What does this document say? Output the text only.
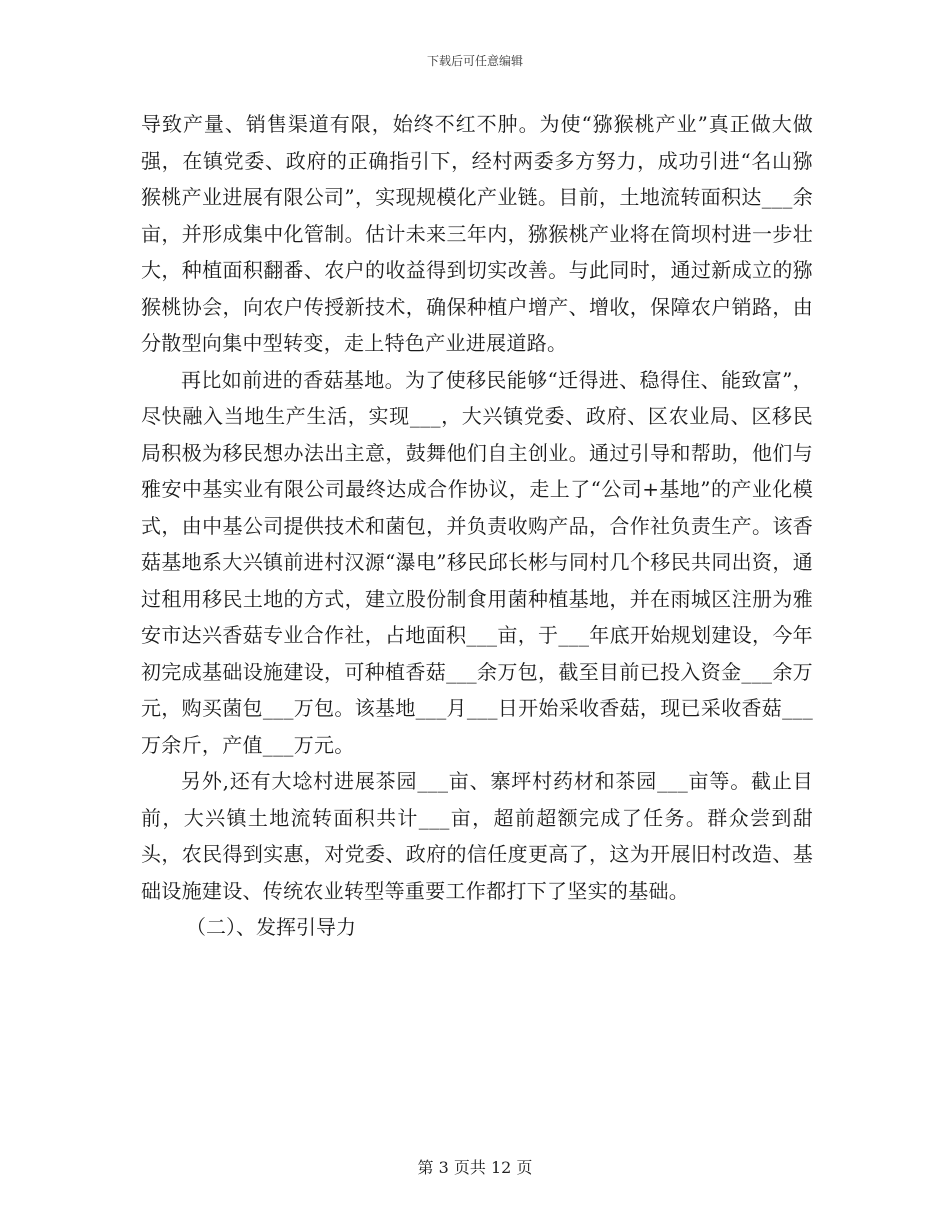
下载后可任意编辑

导致产量、销售渠道有限，始终不红不肿。为使“猕猴桃产业”真正做大做强，在镇党委、政府的正确指引下，经村两委多方努力，成功引进“名山猕猴桃产业进展有限公司”，实现规模化产业链。目前，土地流转面积达___余亩，并形成集中化管制。估计未来三年内，猕猴桃产业将在筒坝村进一步壮大，种植面积翻番、农户的收益得到切实改善。与此同时，通过新成立的猕猴桃协会，向农户传授新技术，确保种植户增产、增收，保障农户销路，由分散型向集中型转变，走上特色产业进展道路。

再比如前进的香菇基地。为了使移民能够“迁得进、稳得住、能致富”，尽快融入当地生产生活，实现___，大兴镇党委、政府、区农业局、区移民局积极为移民想办法出主意，鼓舞他们自主创业。通过引导和帮助，他们与雅安中基实业有限公司最终达成合作协议，走上了“公司+基地”的产业化模式，由中基公司提供技术和菌包，并负责收购产品，合作社负责生产。该香菇基地系大兴镇前进村汉源“瀑电”移民邱长彬与同村几个移民共同出资，通过租用移民土地的方式，建立股份制食用菌种植基地，并在雨城区注册为雅安市达兴香菇专业合作社，占地面积___亩，于___年底开始规划建设，今年初完成基础设施建设，可种植香菇___余万包，截至目前已投入资金___余万元，购买菌包___万包。该基地___月___日开始采收香菇，现已采收香菇___万余斤，产值___万元。

另外,还有大埝村进展茶园___亩、寨坪村药材和茶园___亩等。截止目前，大兴镇土地流转面积共计___亩，超前超额完成了任务。群众尝到甜头，农民得到实惠，对党委、政府的信任度更高了，这为开展旧村改造、基础设施建设、传统农业转型等重要工作都打下了坚实的基础。

（二）、发挥引导力

第 3 页共 12 页
